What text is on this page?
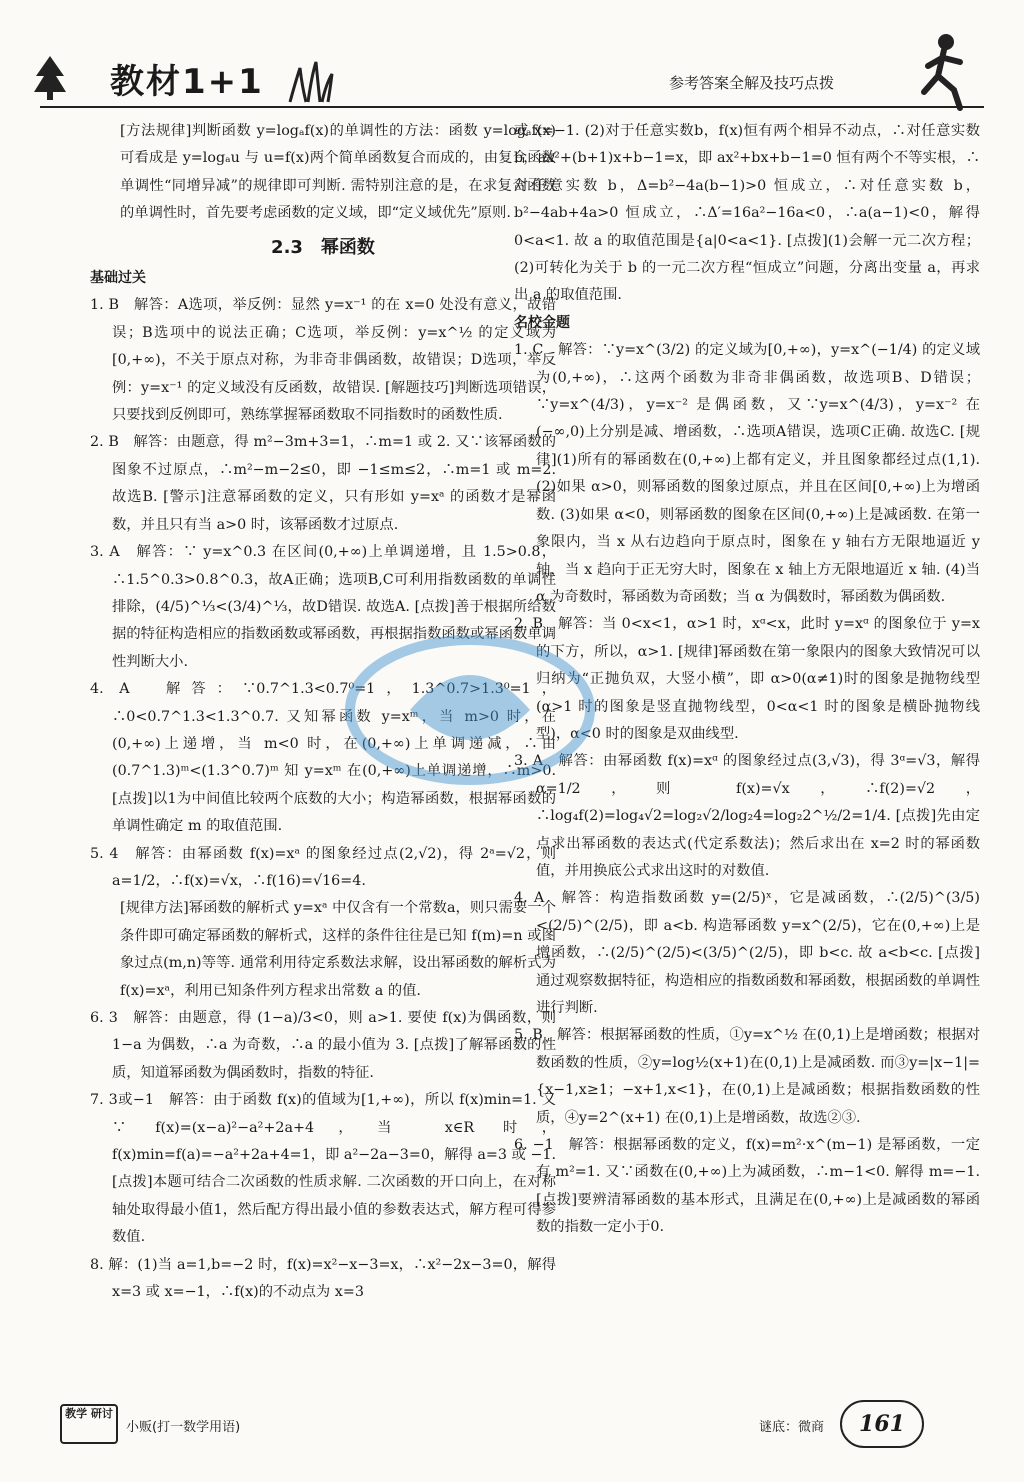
教材1+1	参考答案全解及技巧点拨

[方法规律]判断函数 y=logₐf(x)的单调性的方法：函数 y=logₐf(x)可看成是 y=logₐu 与 u=f(x)两个简单函数复合而成的，由复合函数单调性“同增异减”的规律即可判断. 需特别注意的是，在求复合函数的单调性时，首先要考虑函数的定义域，即“定义域优先”原则.

2.3　幂函数
基础过关

1. B　解答：A选项，举反例：显然 y=x⁻¹ 的在 x=0 处没有意义，故错误；B选项中的说法正确；C选项，举反例：y=x^½ 的定义域为[0,+∞)，不关于原点对称，为非奇非偶函数，故错误；D选项，举反例：y=x⁻¹ 的定义域没有反函数，故错误. [解题技巧]判断选项错误，只要找到反例即可，熟练掌握幂函数取不同指数时的函数性质.

2. B　解答：由题意，得 m²−3m+3=1，∴m=1 或 2. 又∵该幂函数的图象不过原点，∴m²−m−2≤0，即 −1≤m≤2，∴m=1 或 m=2. 故选B. [警示]注意幂函数的定义，只有形如 y=xᵃ 的函数才是幂函数，并且只有当 a>0 时，该幂函数才过原点.

3. A　解答：∵ y=x^0.3 在区间(0,+∞)上单调递增，且 1.5>0.8，∴1.5^0.3>0.8^0.3，故A正确；选项B,C可利用指数函数的单调性排除，(4/5)^⅓<(3/4)^⅓，故D错误. 故选A. [点拨]善于根据所给数据的特征构造相应的指数函数或幂函数，再根据指数函数或幂函数单调性判断大小.

4. A　解答：∵0.7^1.3<0.7⁰=1，1.3^0.7>1.3⁰=1，∴0<0.7^1.3<1.3^0.7. 又知幂函数 y=xᵐ，当 m>0 时，在(0,+∞)上递增，当 m<0 时，在(0,+∞)上单调递减，∴由(0.7^1.3)ᵐ<(1.3^0.7)ᵐ 知 y=xᵐ 在(0,+∞)上单调递增，∴m>0. [点拨]以1为中间值比较两个底数的大小；构造幂函数，根据幂函数的单调性确定 m 的取值范围.

5. 4　解答：由幂函数 f(x)=xᵃ 的图象经过点(2,√2)，得 2ᵃ=√2，则 a=1/2，∴f(x)=√x，∴f(16)=√16=4.

[规律方法]幂函数的解析式 y=xᵃ 中仅含有一个常数a，则只需要一个条件即可确定幂函数的解析式，这样的条件往往是已知 f(m)=n 或图象过点(m,n)等等. 通常利用待定系数法求解，设出幂函数的解析式为 f(x)=xᵃ，利用已知条件列方程求出常数 a 的值.

6. 3　解答：由题意，得 (1−a)/3<0，则 a>1. 要使 f(x)为偶函数，则 1−a 为偶数，∴a 为奇数，∴a 的最小值为 3. [点拨]了解幂函数的性质，知道幂函数为偶函数时，指数的特征.

7. 3或−1　解答：由于函数 f(x)的值域为[1,+∞)，所以 f(x)min=1. 又∵ f(x)=(x−a)²−a²+2a+4，当 x∈R 时，f(x)min=f(a)=−a²+2a+4=1，即 a²−2a−3=0，解得 a=3 或 −1. [点拨]本题可结合二次函数的性质求解. 二次函数的开口向上，在对称轴处取得最小值1，然后配方得出最小值的参数表达式，解方程可得参数值.

8. 解：(1)当 a=1,b=−2 时，f(x)=x²−x−3=x，∴x²−2x−3=0，解得 x=3 或 x=−1，∴f(x)的不动点为 x=3

或 x=−1. (2)对于任意实数b，f(x)恒有两个相异不动点，∴对任意实数 b，ax²+(b+1)x+b−1=x，即 ax²+bx+b−1=0 恒有两个不等实根，∴对任意实数 b，Δ=b²−4a(b−1)>0 恒成立，∴对任意实数 b，b²−4ab+4a>0 恒成立，∴Δ′=16a²−16a<0，∴a(a−1)<0，解得 0<a<1. 故 a 的取值范围是{a|0<a<1}. [点拨](1)会解一元二次方程；(2)可转化为关于 b 的一元二次方程“恒成立”问题，分离出变量 a，再求出 a 的取值范围.

名校金题

1. C　解答：∵y=x^(3/2) 的定义域为[0,+∞)，y=x^(−1/4) 的定义域为(0,+∞)，∴这两个函数为非奇非偶函数，故选项B、D错误；∵y=x^(4/3)，y=x⁻² 是偶函数，又∵y=x^(4/3)，y=x⁻² 在(−∞,0)上分别是减、增函数，∴选项A错误，选项C正确. 故选C. [规律](1)所有的幂函数在(0,+∞)上都有定义，并且图象都经过点(1,1). (2)如果 α>0，则幂函数的图象过原点，并且在区间[0,+∞)上为增函数. (3)如果 α<0，则幂函数的图象在区间(0,+∞)上是减函数. 在第一象限内，当 x 从右边趋向于原点时，图象在 y 轴右方无限地逼近 y 轴，当 x 趋向于正无穷大时，图象在 x 轴上方无限地逼近 x 轴. (4)当 α 为奇数时，幂函数为奇函数；当 α 为偶数时，幂函数为偶函数.

2. B　解答：当 0<x<1，α>1 时，xᵅ<x，此时 y=xᵅ 的图象位于 y=x 的下方，所以，α>1. [规律]幂函数在第一象限内的图象大致情况可以归纳为“正抛负双，大竖小横”，即 α>0(α≠1)时的图象是抛物线型(α>1 时的图象是竖直抛物线型，0<α<1 时的图象是横卧抛物线型)，α<0 时的图象是双曲线型.

3. A　解答：由幂函数 f(x)=xᵅ 的图象经过点(3,√3)，得 3ᵅ=√3，解得 α=1/2，则 f(x)=√x，∴f(2)=√2，∴log₄f(2)=log₄√2=log₂√2/log₂4=log₂2^½/2=1/4. [点拨]先由定点求出幂函数的表达式(代定系数法)；然后求出在 x=2 时的幂函数值，并用换底公式求出这时的对数值.

4. A　解答：构造指数函数 y=(2/5)ˣ，它是减函数，∴(2/5)^(3/5)<(2/5)^(2/5)，即 a<b. 构造幂函数 y=x^(2/5)，它在(0,+∞)上是增函数，∴(2/5)^(2/5)<(3/5)^(2/5)，即 b<c. 故 a<b<c. [点拨]通过观察数据特征，构造相应的指数函数和幂函数，根据函数的单调性进行判断.

5. B　解答：根据幂函数的性质，①y=x^½ 在(0,1)上是增函数；根据对数函数的性质，②y=log½(x+1)在(0,1)上是减函数. 而③y=|x−1|={x−1,x≥1；−x+1,x<1}，在(0,1)上是减函数；根据指数函数的性质，④y=2^(x+1) 在(0,1)上是增函数，故选②③.

6. −1　解答：根据幂函数的定义，f(x)=m²·x^(m−1) 是幂函数，一定有 m²=1. 又∵函数在(0,+∞)上为减函数，∴m−1<0. 解得 m=−1. [点拨]要辨清幂函数的基本形式，且满足在(0,+∞)上是减函数的幂函数的指数一定小于0.

教学 研讨
小贩(打一数学用语)	谜底：微商	161
